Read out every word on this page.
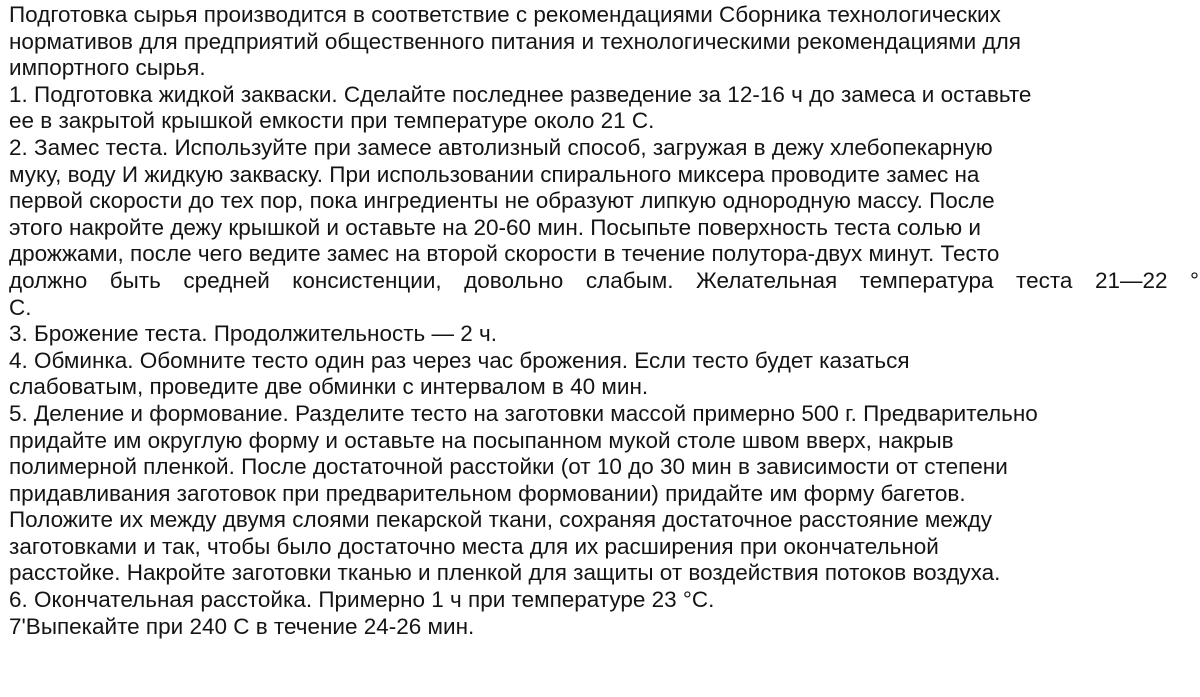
Подготовка сырья производится в соответствие с рекомендациями Сборника технологических
нормативов для предприятий общественного питания и технологическими рекомендациями для
импортного сырья.
1. Подготовка жидкой закваски. Сделайте последнее разведение за 12-16 ч до замеса и оставьте
ее в закрытой крышкой емкости при температуре около 21 С.
2. Замес теста. Используйте при замесе автолизный способ, загружая в дежу хлебопекарную
муку, воду И жидкую закваску. При использовании спирального миксера проводите замес на
первой скорости до тех пор, пока ингредиенты не образуют липкую однородную массу. После
этого накройте дежу крышкой и оставьте на 20-60 мин. Посыпьте поверхность теста солью и
дрожжами, после чего ведите замес на второй скорости в течение полутора-двух минут. Тесто
должно быть средней консистенции, довольно слабым. Желательная температура теста 21—22 °
С.
3. Брожение теста. Продолжительность — 2 ч.
4. Обминка. Обомните тесто один раз через час брожения. Если тесто будет казаться
слабоватым, проведите две обминки с интервалом в 40 мин.
5. Деление и формование. Разделите тесто на заготовки массой примерно 500 г. Предварительно
придайте им округлую форму и оставьте на посыпанном мукой столе швом вверх, накрыв
полимерной пленкой. После достаточной расстойки (от 10 до 30 мин в зависимости от степени
придавливания заготовок при предварительном формовании) придайте им форму багетов.
Положите их между двумя слоями пекарской ткани, сохраняя достаточное расстояние между
заготовками и так, чтобы было достаточно места для их расширения при окончательной
расстойке. Накройте заготовки тканью и пленкой для защиты от воздействия потоков воздуха.
6. Окончательная расстойка. Примерно 1 ч при температуре 23 °С.
7'Выпекайте при 240 С в течение 24-26 мин.
